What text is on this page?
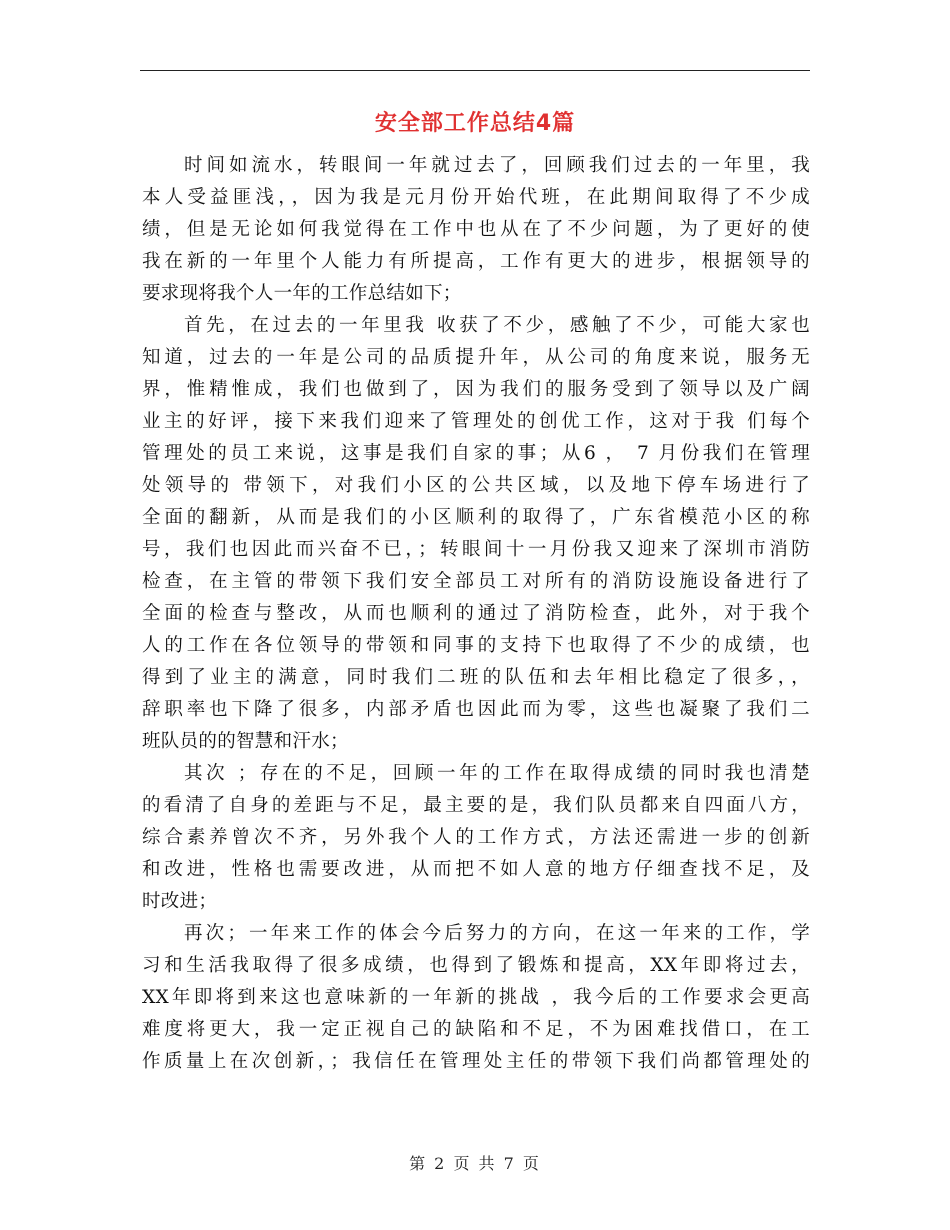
安全部工作总结4篇
时间如流水，转眼间一年就过去了，回顾我们过去的一年里，我
本人受益匪浅，，因为我是元月份开始代班，在此期间取得了不少成
绩，但是无论如何我觉得在工作中也从在了不少问题，为了更好的使
我在新的一年里个人能力有所提高，工作有更大的进步，根据领导的
要求现将我个人一年的工作总结如下；
首先，在过去的一年里我 收获了不少，感触了不少，可能大家也
知道，过去的一年是公司的品质提升年，从公司的角度来说，服务无
界，惟精惟成，我们也做到了，因为我们的服务受到了领导以及广阔
业主的好评，接下来我们迎来了管理处的创优工作，这对于我 们每个
管理处的员工来说，这事是我们自家的事；从6 ， 7 月份我们在管理
处领导的 带领下，对我们小区的公共区域，以及地下停车场进行了
全面的翻新，从而是我们的小区顺利的取得了，广东省模范小区的称
号，我们也因此而兴奋不已，；转眼间十一月份我又迎来了深圳市消防
检查，在主管的带领下我们安全部员工对所有的消防设施设备进行了
全面的检查与整改，从而也顺利的通过了消防检查，此外，对于我个
人的工作在各位领导的带领和同事的支持下也取得了不少的成绩，也
得到了业主的满意，同时我们二班的队伍和去年相比稳定了很多，，
辞职率也下降了很多，内部矛盾也因此而为零，这些也凝聚了我们二
班队员的的智慧和汗水；
其次 ；存在的不足，回顾一年的工作在取得成绩的同时我也清楚
的看清了自身的差距与不足，最主要的是，我们队员都来自四面八方，
综合素养曾次不齐，另外我个人的工作方式，方法还需进一步的创新
和改进，性格也需要改进，从而把不如人意的地方仔细查找不足，及
时改进；
再次；一年来工作的体会今后努力的方向，在这一年来的工作，学
习和生活我取得了很多成绩，也得到了锻炼和提高，XX年即将过去，
XX年即将到来这也意味新的一年新的挑战 ，我今后的工作要求会更高
难度将更大，我一定正视自己的缺陷和不足，不为困难找借口，在工
作质量上在次创新，；我信任在管理处主任的带领下我们尚都管理处的
第 2 页 共 7 页
